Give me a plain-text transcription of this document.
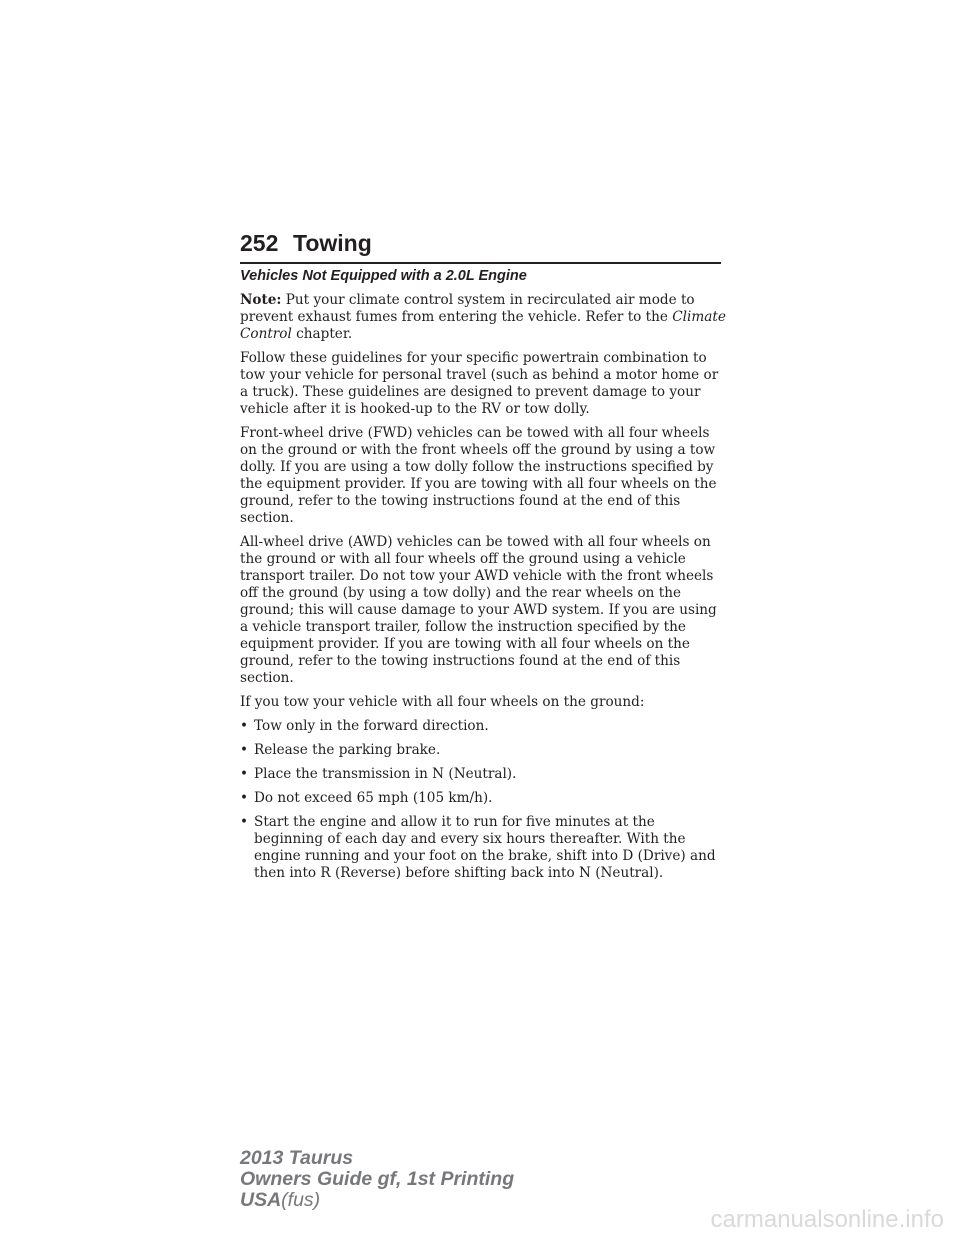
252 Towing
Vehicles Not Equipped with a 2.0L Engine

Note: Put your climate control system in recirculated air mode to prevent exhaust fumes from entering the vehicle. Refer to the Climate Control chapter.

Follow these guidelines for your specific powertrain combination to tow your vehicle for personal travel (such as behind a motor home or a truck). These guidelines are designed to prevent damage to your vehicle after it is hooked-up to the RV or tow dolly.

Front-wheel drive (FWD) vehicles can be towed with all four wheels on the ground or with the front wheels off the ground by using a tow dolly. If you are using a tow dolly follow the instructions specified by the equipment provider. If you are towing with all four wheels on the ground, refer to the towing instructions found at the end of this section.

All-wheel drive (AWD) vehicles can be towed with all four wheels on the ground or with all four wheels off the ground using a vehicle transport trailer. Do not tow your AWD vehicle with the front wheels off the ground (by using a tow dolly) and the rear wheels on the ground; this will cause damage to your AWD system. If you are using a vehicle transport trailer, follow the instruction specified by the equipment provider. If you are towing with all four wheels on the ground, refer to the towing instructions found at the end of this section.

If you tow your vehicle with all four wheels on the ground:

• Tow only in the forward direction.
• Release the parking brake.
• Place the transmission in N (Neutral).
• Do not exceed 65 mph (105 km/h).
• Start the engine and allow it to run for five minutes at the beginning of each day and every six hours thereafter. With the engine running and your foot on the brake, shift into D (Drive) and then into R (Reverse) before shifting back into N (Neutral).
2013 Taurus
Owners Guide gf, 1st Printing
USA(fus)
carmanualsonline.info
